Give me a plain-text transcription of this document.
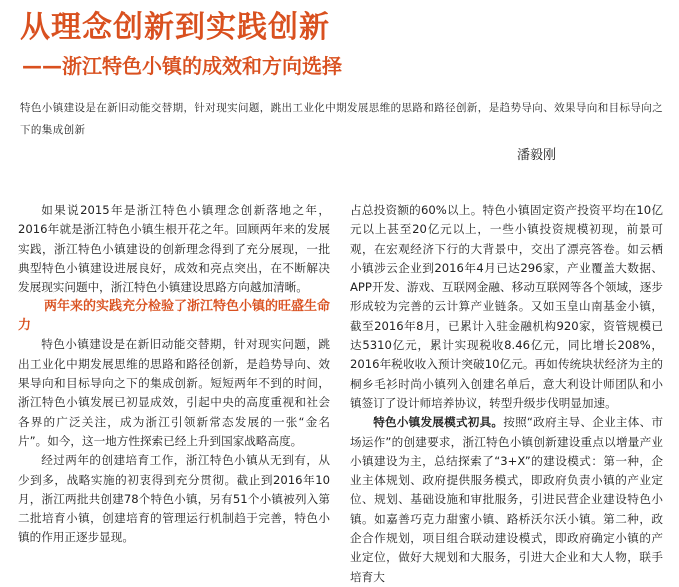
从理念创新到实践创新
——浙江特色小镇的成效和方向选择
特色小镇建设是在新旧动能交替期，针对现实问题，跳出工业化中期发展思维的思路和路径创新，是趋势导向、效果导向和目标导向之下的集成创新
潘毅刚

如果说2015年是浙江特色小镇理念创新落地之年，2016年就是浙江特色小镇生根开花之年。回顾两年来的发展实践，浙江特色小镇建设的创新理念得到了充分展现，一批典型特色小镇建设进展良好，成效和亮点突出，在不断解决发展现实问题中，浙江特色小镇建设思路方向越加清晰。

两年来的实践充分检验了浙江特色小镇的旺盛生命力

特色小镇建设是在新旧动能交替期，针对现实问题，跳出工业化中期发展思维的思路和路径创新，是趋势导向、效果导向和目标导向之下的集成创新。短短两年不到的时间，浙江特色小镇发展已初显成效，引起中央的高度重视和社会各界的广泛关注，成为浙江引领新常态发展的一张“金名片”。如今，这一地方性探索已经上升到国家战略高度。

经过两年的创建培育工作，浙江特色小镇从无到有，从少到多，战略实施的初衷得到充分贯彻。截止到2016年10月，浙江两批共创建78个特色小镇，另有51个小镇被列入第二批培育小镇，创建培育的管理运行机制趋于完善，特色小镇的作用正逐步显现。

占总投资额的60%以上。特色小镇固定资产投资平均在10亿元以上甚至20亿元以上，一些小镇投资规模初现，前景可观，在宏观经济下行的大背景中，交出了漂亮答卷。如云栖小镇涉云企业到2016年4月已达296家，产业覆盖大数据、APP开发、游戏、互联网金融、移动互联网等各个领域，逐步形成较为完善的云计算产业链条。又如玉皇山南基金小镇，截至2016年8月，已累计入驻金融机构920家，资管规模已达5310亿元，累计实现税收8.46亿元，同比增长208%，2016年税收收入预计突破10亿元。再如传统块状经济为主的桐乡毛衫时尚小镇列入创建名单后，意大利设计师团队和小镇签订了设计师培养协议，转型升级步伐明显加速。

特色小镇发展模式初具。按照“政府主导、企业主体、市场运作”的创建要求，浙江特色小镇创新建设重点以增量产业小镇建设为主，总结探索了“3+X”的建设模式：第一种，企业主体规划、政府提供服务模式，即政府负责小镇的产业定位、规划、基础设施和审批服务，引进民营企业建设特色小镇。如嘉善巧克力甜蜜小镇、路桥沃尔沃小镇。第二种，政企合作规划，项目组合联动建设模式，即政府确定小镇的产业定位，做好大规划和大服务，引进大企业和大人物，联手培育大
